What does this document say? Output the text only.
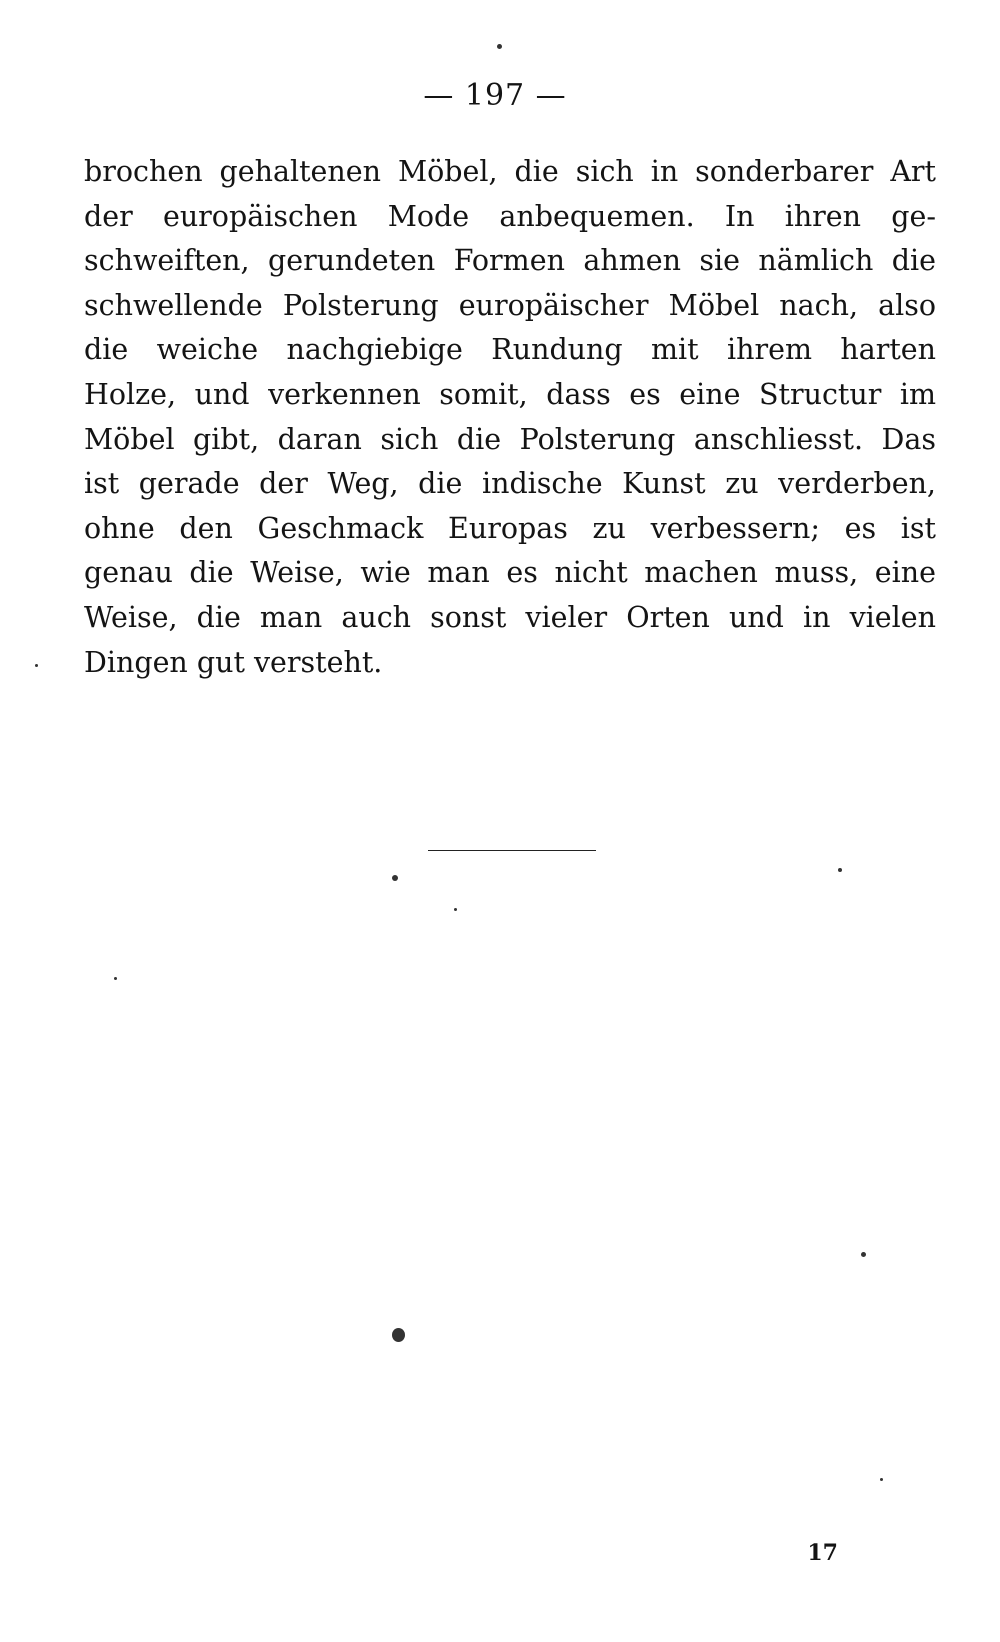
— 197 —
brochen gehaltenen Möbel, die sich in sonderbarer Art
der europäischen Mode anbequemen. In ihren ge-
schweiften, gerundeten Formen ahmen sie nämlich die
schwellende Polsterung europäischer Möbel nach, also
die weiche nachgiebige Rundung mit ihrem harten
Holze, und verkennen somit, dass es eine Structur im
Möbel gibt, daran sich die Polsterung anschliesst. Das
ist gerade der Weg, die indische Kunst zu verderben,
ohne den Geschmack Europas zu verbessern; es ist
genau die Weise, wie man es nicht machen muss, eine
Weise, die man auch sonst vieler Orten und in vielen
Dingen gut versteht.
17
